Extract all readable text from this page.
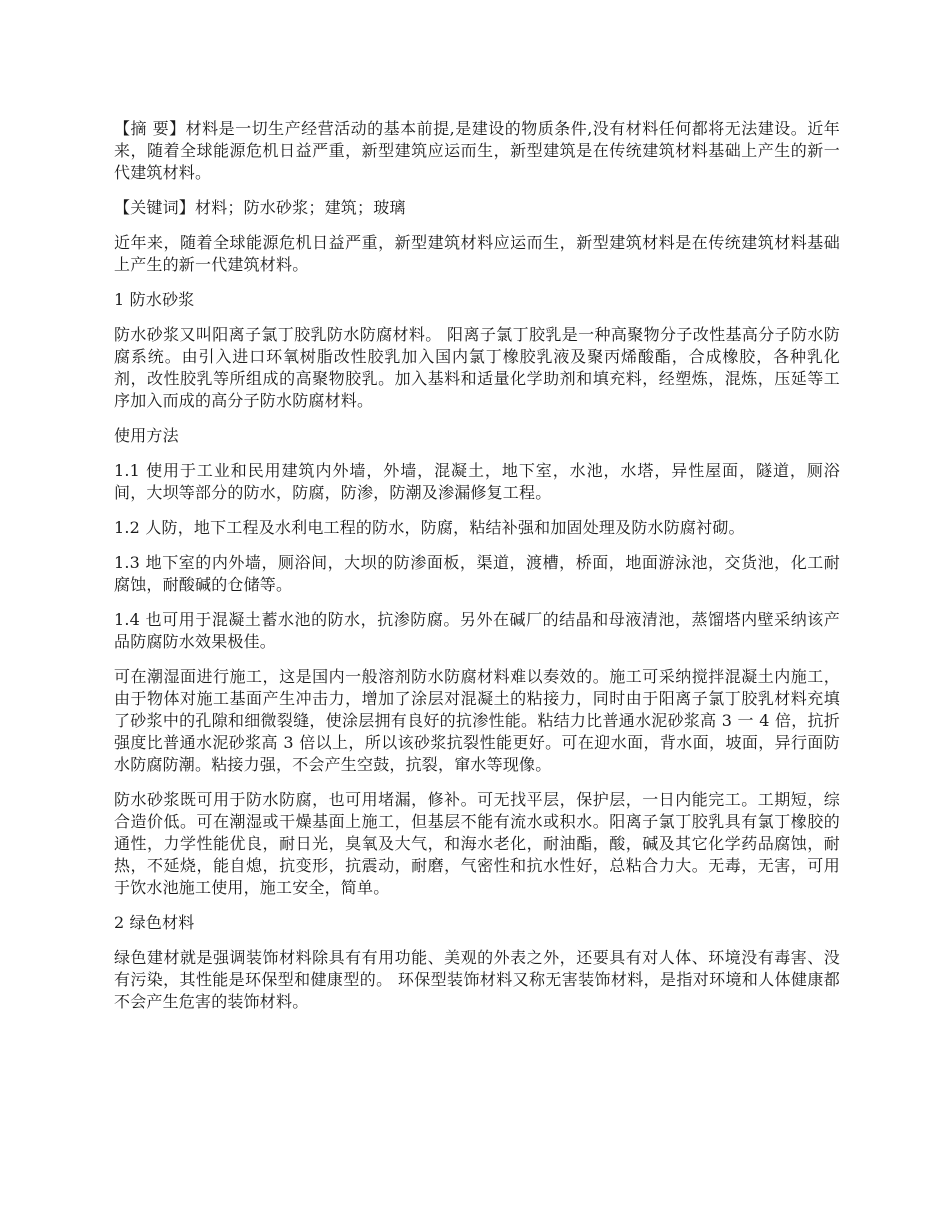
【摘 要】材料是一切生产经营活动的基本前提,是建设的物质条件,没有材料任何都将无法建设。近年来，随着全球能源危机日益严重，新型建筑应运而生，新型建筑是在传统建筑材料基础上产生的新一代建筑材料。

【关键词】材料；防水砂浆；建筑；玻璃

近年来，随着全球能源危机日益严重，新型建筑材料应运而生，新型建筑材料是在传统建筑材料基础上产生的新一代建筑材料。

1 防水砂浆

防水砂浆又叫阳离子氯丁胶乳防水防腐材料。 阳离子氯丁胶乳是一种高聚物分子改性基高分子防水防腐系统。由引入进口环氧树脂改性胶乳加入国内氯丁橡胶乳液及聚丙烯酸酯，合成橡胶，各种乳化剂，改性胶乳等所组成的高聚物胶乳。加入基料和适量化学助剂和填充料，经塑炼，混炼，压延等工序加入而成的高分子防水防腐材料。

使用方法

1.1 使用于工业和民用建筑内外墙，外墙，混凝土，地下室，水池，水塔，异性屋面，隧道，厕浴间，大坝等部分的防水，防腐，防渗，防潮及渗漏修复工程。

1.2 人防，地下工程及水利电工程的防水，防腐，粘结补强和加固处理及防水防腐衬砌。

1.3 地下室的内外墙，厕浴间，大坝的防渗面板，渠道，渡槽，桥面，地面游泳池，交货池，化工耐腐蚀，耐酸碱的仓储等。

1.4 也可用于混凝土蓄水池的防水，抗渗防腐。另外在碱厂的结晶和母液清池，蒸馏塔内壁采纳该产品防腐防水效果极佳。

可在潮湿面进行施工，这是国内一般溶剂防水防腐材料难以奏效的。施工可采纳搅拌混凝土内施工，由于物体对施工基面产生冲击力，增加了涂层对混凝土的粘接力，同时由于阳离子氯丁胶乳材料充填了砂浆中的孔隙和细微裂缝，使涂层拥有良好的抗渗性能。粘结力比普通水泥砂浆高 3 一 4 倍，抗折强度比普通水泥砂浆高 3 倍以上，所以该砂浆抗裂性能更好。可在迎水面，背水面，坡面，异行面防水防腐防潮。粘接力强，不会产生空鼓，抗裂，窜水等现像。

防水砂浆既可用于防水防腐，也可用堵漏，修补。可无找平层，保护层，一日内能完工。工期短，综合造价低。可在潮湿或干燥基面上施工，但基层不能有流水或积水。阳离子氯丁胶乳具有氯丁橡胶的通性，力学性能优良，耐日光，臭氧及大气，和海水老化，耐油酯，酸，碱及其它化学药品腐蚀，耐热，不延烧，能自熄，抗变形，抗震动，耐磨，气密性和抗水性好，总粘合力大。无毒，无害，可用于饮水池施工使用，施工安全，简单。

2 绿色材料

绿色建材就是强调装饰材料除具有有用功能、美观的外表之外，还要具有对人体、环境没有毒害、没有污染，其性能是环保型和健康型的。 环保型装饰材料又称无害装饰材料，是指对环境和人体健康都不会产生危害的装饰材料。
